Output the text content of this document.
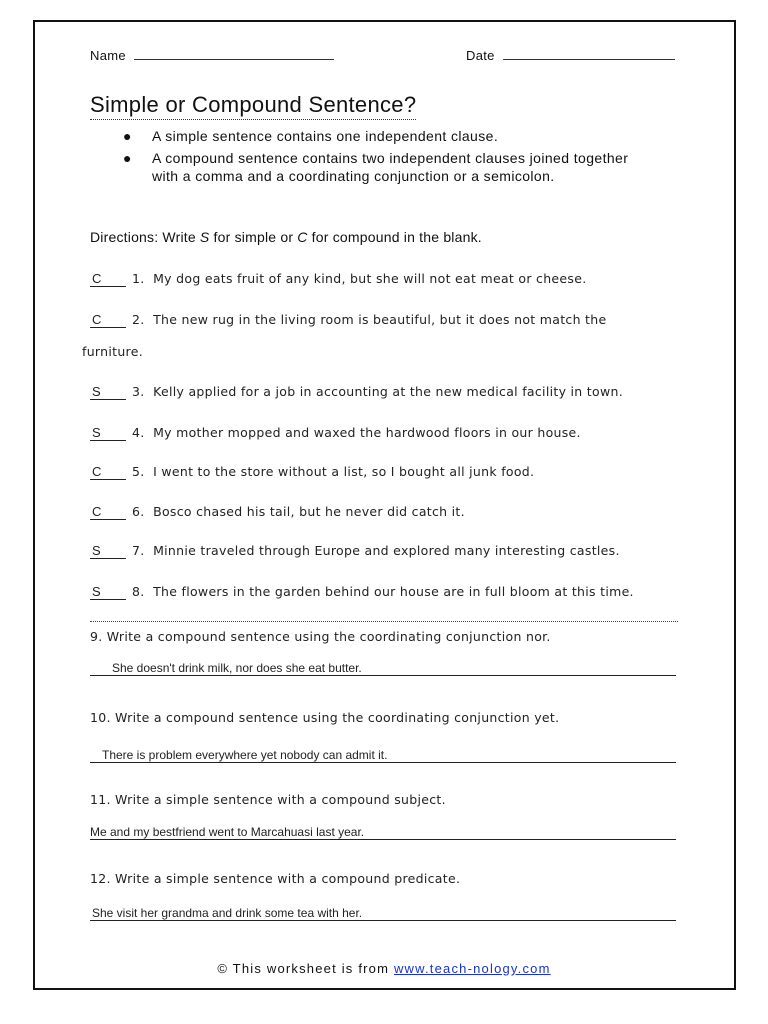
Name	Date
Simple or Compound Sentence?
● A simple sentence contains one independent clause.
● A compound sentence contains two independent clauses joined together with a comma and a coordinating conjunction or a semicolon.
Directions: Write S for simple or C for compound in the blank.
C 1. My dog eats fruit of any kind, but she will not eat meat or cheese.
C 2. The new rug in the living room is beautiful, but it does not match the
furniture.
S 3. Kelly applied for a job in accounting at the new medical facility in town.
S 4. My mother mopped and waxed the hardwood floors in our house.
C 5. I went to the store without a list, so I bought all junk food.
C 6. Bosco chased his tail, but he never did catch it.
S 7. Minnie traveled through Europe and explored many interesting castles.
S 8. The flowers in the garden behind our house are in full bloom at this time.
9. Write a compound sentence using the coordinating conjunction nor.
She doesn't drink milk, nor does she eat butter.
10. Write a compound sentence using the coordinating conjunction yet.
There is problem everywhere yet nobody can admit it.
11. Write a simple sentence with a compound subject.
Me and my bestfriend went to Marcahuasi last year.
12. Write a simple sentence with a compound predicate.
She visit her grandma and drink some tea with her.
© This worksheet is from www.teach-nology.com
